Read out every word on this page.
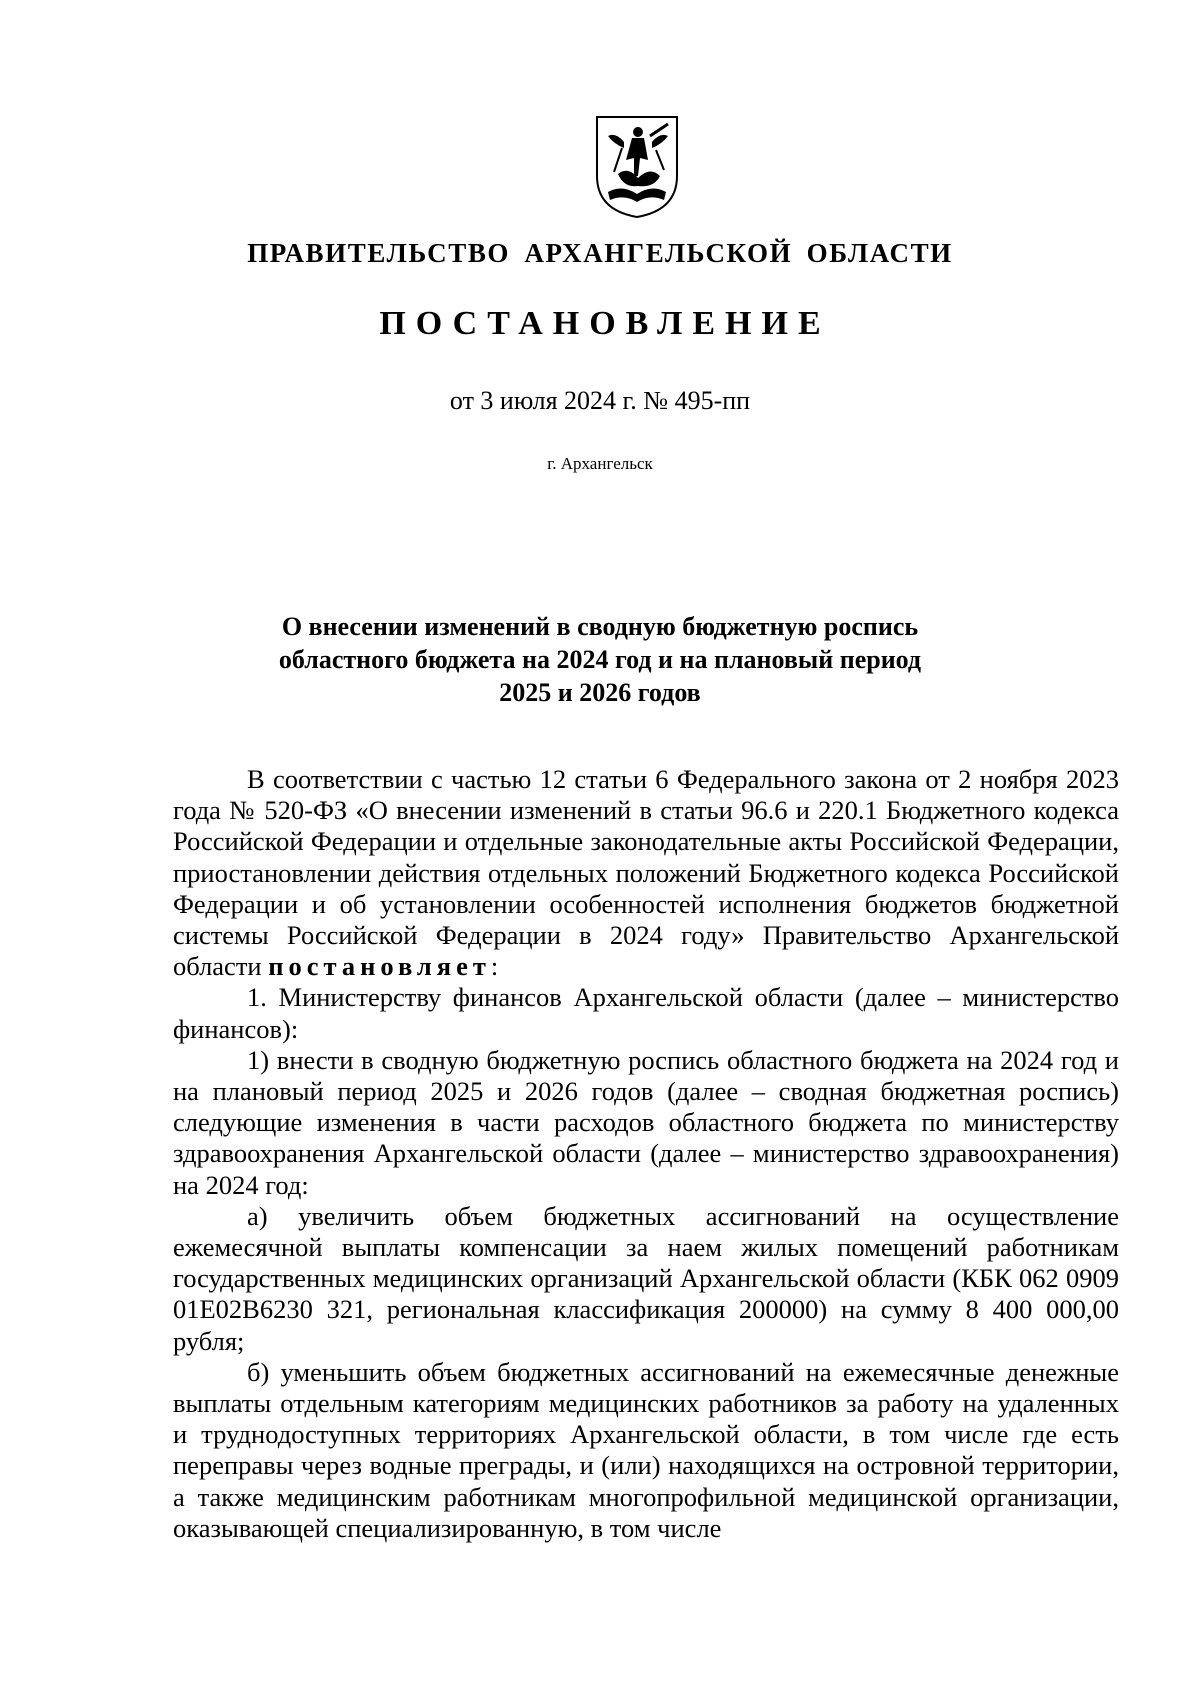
ПРАВИТЕЛЬСТВО АРХАНГЕЛЬСКОЙ ОБЛАСТИ
ПОСТАНОВЛЕНИЕ
от 3 июля 2024 г. № 495-пп
г. Архангельск
О внесении изменений в сводную бюджетную роспись
областного бюджета на 2024 год и на плановый период
2025 и 2026 годов

В соответствии с частью 12 статьи 6 Федерального закона от 2 ноября 2023 года № 520-ФЗ «О внесении изменений в статьи 96.6 и 220.1 Бюджетного кодекса Российской Федерации и отдельные законодательные акты Российской Федерации, приостановлении действия отдельных положений Бюджетного кодекса Российской Федерации и об установлении особенностей исполнения бюджетов бюджетной системы Российской Федерации в 2024 году» Правительство Архангельской области постановляет:

1. Министерству финансов Архангельской области (далее – министерство финансов):

1) внести в сводную бюджетную роспись областного бюджета на 2024 год и на плановый период 2025 и 2026 годов (далее – сводная бюджетная роспись) следующие изменения в части расходов областного бюджета по министерству здравоохранения Архангельской области (далее – министерство здравоохранения) на 2024 год:

а) увеличить объем бюджетных ассигнований на осуществление ежемесячной выплаты компенсации за наем жилых помещений работникам государственных медицинских организаций Архангельской области (КБК 062 0909 01Е02В6230 321, региональная классификация 200000) на сумму 8 400 000,00 рубля;

б) уменьшить объем бюджетных ассигнований на ежемесячные денежные выплаты отдельным категориям медицинских работников за работу на удаленных и труднодоступных территориях Архангельской области, в том числе где есть переправы через водные преграды, и (или) находящихся на островной территории, а также медицинским работникам многопрофильной медицинской организации, оказывающей специализированную, в том числе
